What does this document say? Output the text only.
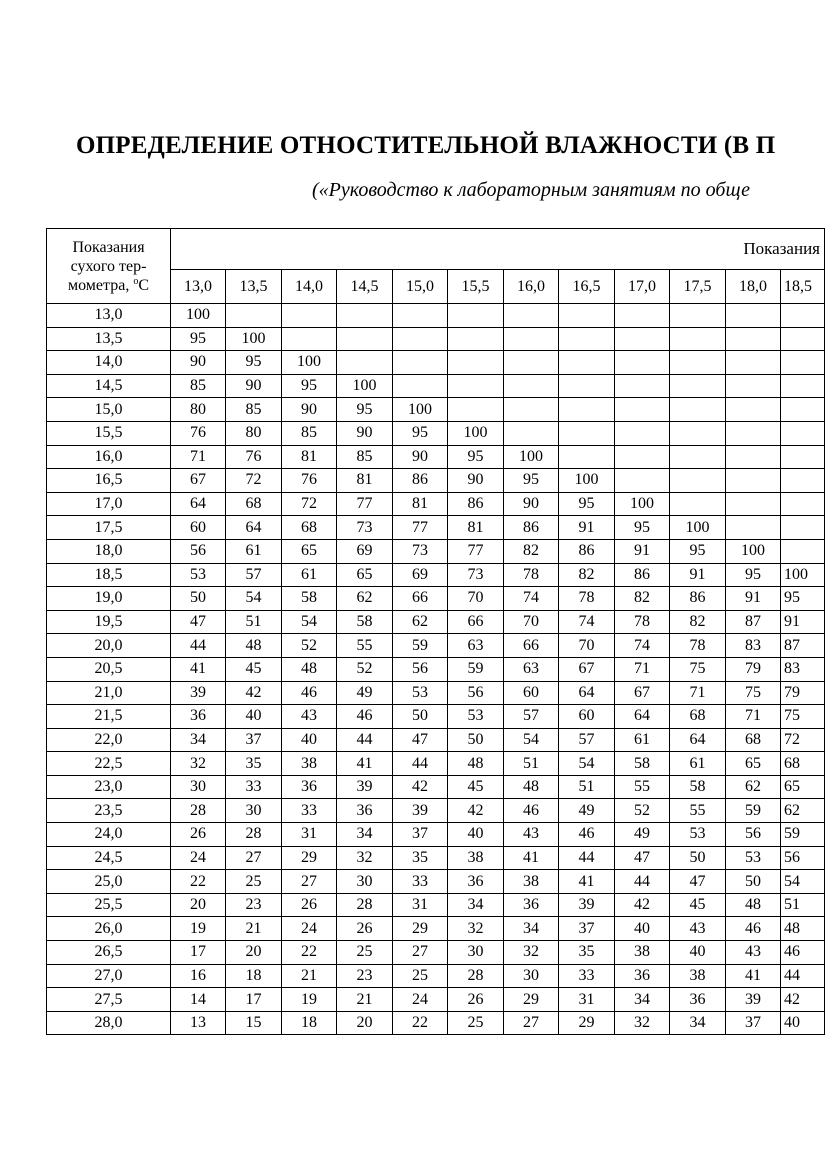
ОПРЕДЕЛЕНИЕ ОТНОСТИТЕЛЬНОЙ ВЛАЖНОСТИ (В П
(«Руководство к лабораторным занятиям по обще
Показания
сухого тер-
мометра, $^o$C	Показания											
	13,0	13,5	14,0	14,5	15,0	15,5	16,0	16,5	17,0	17,5	18,0	18,5
13,0	100											
13,5	95	100										
14,0	90	95	100									
14,5	85	90	95	100								
15,0	80	85	90	95	100							
15,5	76	80	85	90	95	100						
16,0	71	76	81	85	90	95	100					
16,5	67	72	76	81	86	90	95	100				
17,0	64	68	72	77	81	86	90	95	100			
17,5	60	64	68	73	77	81	86	91	95	100		
18,0	56	61	65	69	73	77	82	86	91	95	100	
18,5	53	57	61	65	69	73	78	82	86	91	95	100
19,0	50	54	58	62	66	70	74	78	82	86	91	95
19,5	47	51	54	58	62	66	70	74	78	82	87	91
20,0	44	48	52	55	59	63	66	70	74	78	83	87
20,5	41	45	48	52	56	59	63	67	71	75	79	83
21,0	39	42	46	49	53	56	60	64	67	71	75	79
21,5	36	40	43	46	50	53	57	60	64	68	71	75
22,0	34	37	40	44	47	50	54	57	61	64	68	72
22,5	32	35	38	41	44	48	51	54	58	61	65	68
23,0	30	33	36	39	42	45	48	51	55	58	62	65
23,5	28	30	33	36	39	42	46	49	52	55	59	62
24,0	26	28	31	34	37	40	43	46	49	53	56	59
24,5	24	27	29	32	35	38	41	44	47	50	53	56
25,0	22	25	27	30	33	36	38	41	44	47	50	54
25,5	20	23	26	28	31	34	36	39	42	45	48	51
26,0	19	21	24	26	29	32	34	37	40	43	46	48
26,5	17	20	22	25	27	30	32	35	38	40	43	46
27,0	16	18	21	23	25	28	30	33	36	38	41	44
27,5	14	17	19	21	24	26	29	31	34	36	39	42
28,0	13	15	18	20	22	25	27	29	32	34	37	40
